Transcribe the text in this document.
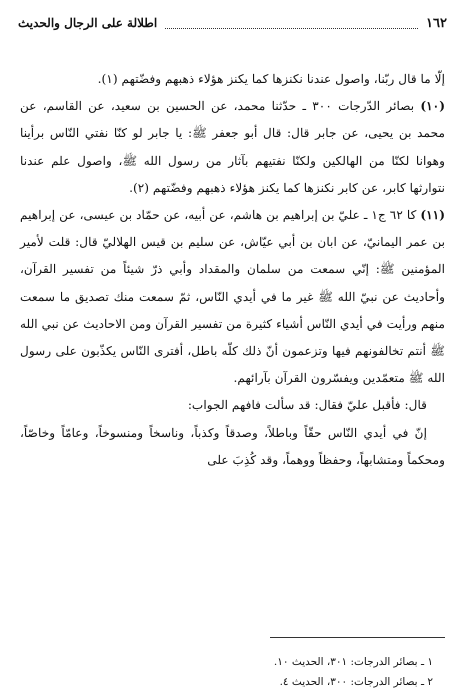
١٦٢
اطلالة على الرجال والحديث

إلّا ما قال ربّنا، واصول عندنا نكنزها كما يكنز هؤلاء ذهبهم وفضّتهم (١).

(١٠) بصائر الدّرجات ٣٠٠ ـ حدّثنا محمد، عن الحسين بن سعيد، عن القاسم، عن محمد بن يحيى، عن جابر قال: قال أبو جعفر ﷺ: يا جابر لو كنّا نفتي النّاس برأينا وهوانا لكنّا من الهالكين ولكنّا نفتيهم بآثار من رسول الله ﷺ، واصول علم عندنا نتوارثها كابر، عن كابر نكنزها كما يكنز هؤلاء ذهبهم وفضّتهم (٢).

(١١) كا ٦٢ ج١ ـ عليّ بن إبراهيم بن هاشم، عن أبيه، عن حمّاد بن عيسى، عن إبراهيم بن عمر اليمانيّ، عن ابان بن أبي عيّاش، عن سليم بن قيس الهلاليّ قال: قلت لأمير المؤمنين ﷺ: إنّي سمعت من سلمان والمقداد وأبي ذرّ شيئاً من تفسير القرآن، وأحاديث عن نبيّ الله ﷺ غير ما في أيدي النّاس، ثمّ سمعت منك تصديق ما سمعت منهم ورأيت في أيدي النّاس أشياء كثيرة من تفسير القرآن ومن الاحاديث عن نبي الله ﷺ أنتم تخالفونهم فيها وتزعمون أنّ ذلك كلّه باطل، أفترى النّاس يكذّبون على رسول الله ﷺ متعمّدين ويفسّرون القرآن بآرائهم.

قال: فأقبل عليّ فقال: قد سألت فافهم الجواب:

إنّ في أيدي النّاس حقّاً وباطلاً، وصدقاً وكذباً، وناسخاً ومنسوخاً، وعامّاً وخاصّاً، ومحكماً ومتشابهاً، وحفظاً ووهماً، وقد كُذِبَ على

١ ـ بصائر الدرجات: ٣٠١، الحديث ١٠.
٢ ـ بصائر الدرجات: ٣٠٠، الحديث ٤.
